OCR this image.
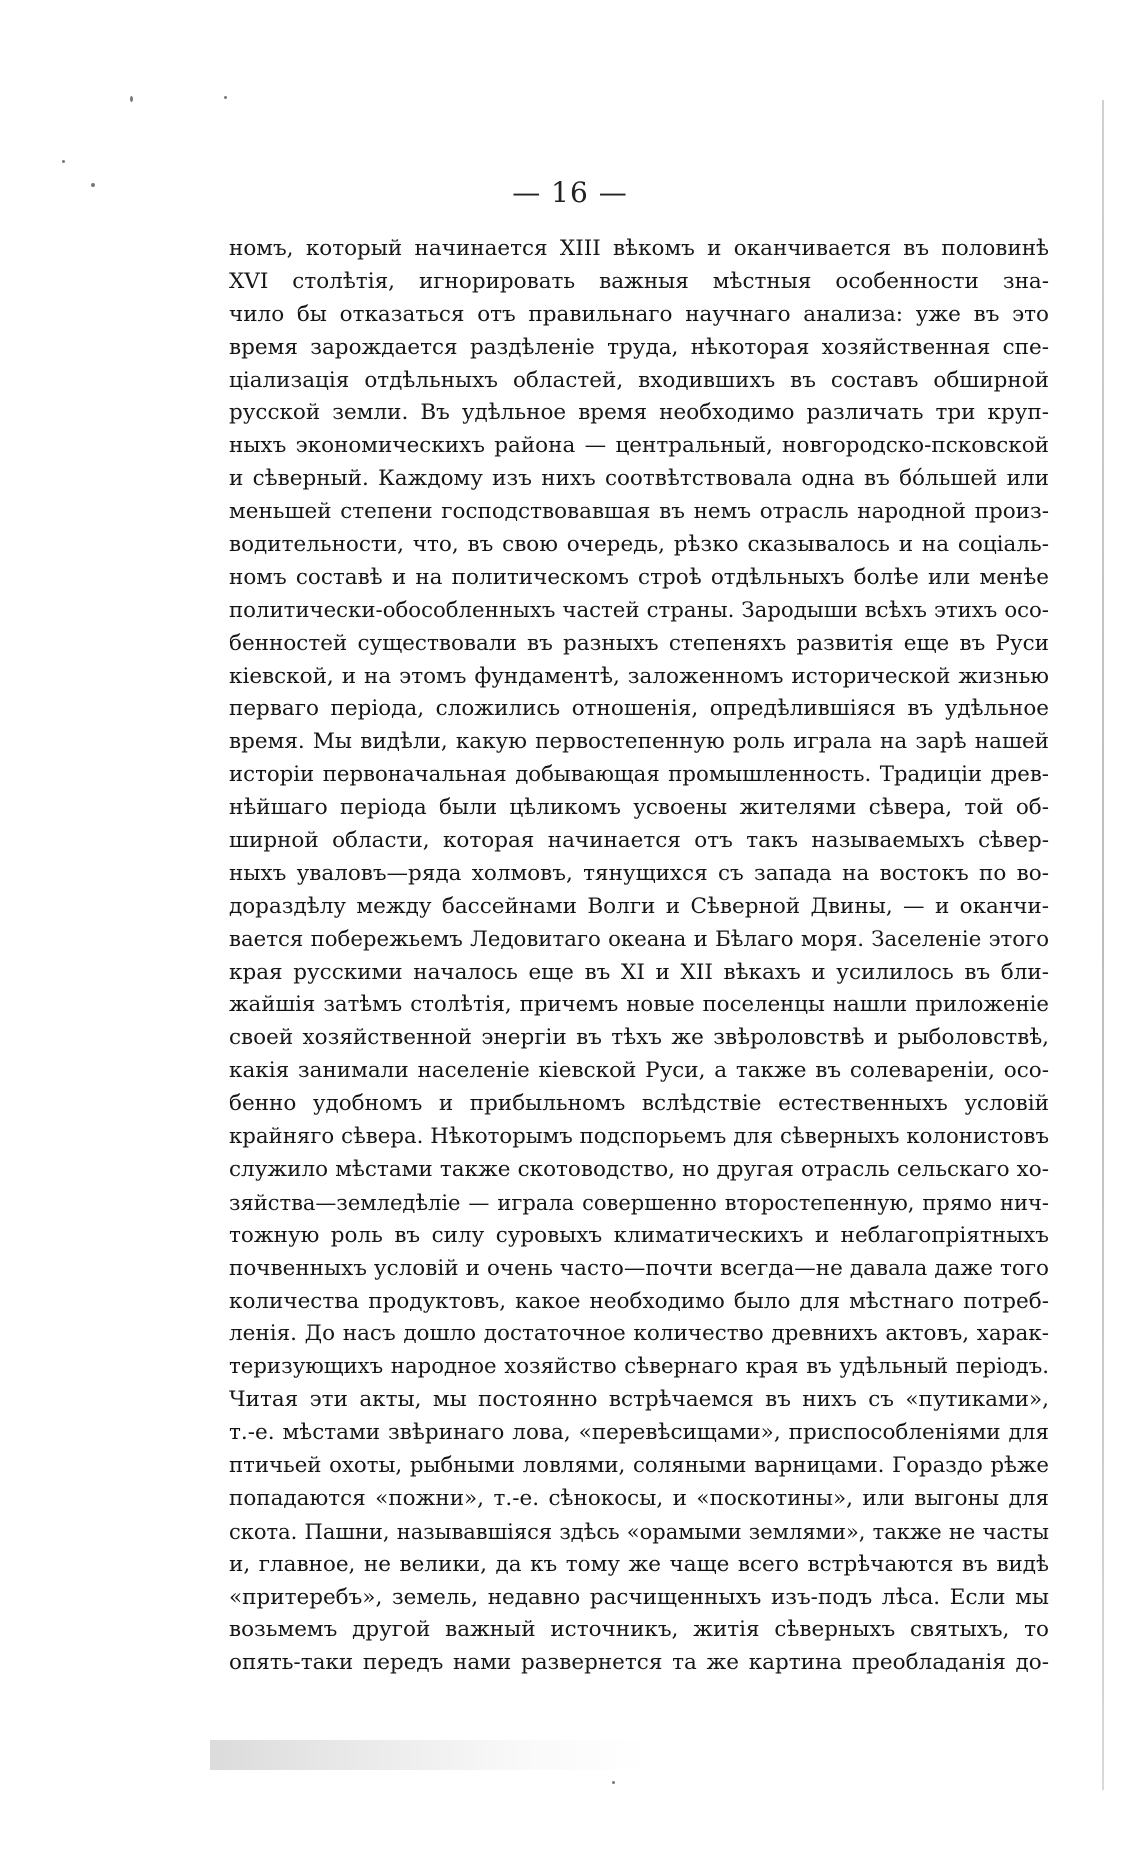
— 16 —
номъ, который начинается XIII вѣкомъ и оканчивается въ половинѣ
XVI столѣтія, игнорировать важныя мѣстныя особенности зна-
чило бы отказаться отъ правильнаго научнаго анализа: уже въ это
время зарождается раздѣленіе труда, нѣкоторая хозяйственная спе-
ціализація отдѣльныхъ областей, входившихъ въ составъ обширной
русской земли. Въ удѣльное время необходимо различать три круп-
ныхъ экономическихъ района — центральный, новгородско-псковской
и сѣверный. Каждому изъ нихъ соотвѣтствовала одна въ бóльшей или
меньшей степени господствовавшая въ немъ отрасль народной произ-
водительности, что, въ свою очередь, рѣзко сказывалось и на соціаль-
номъ составѣ и на политическомъ строѣ отдѣльныхъ болѣе или менѣе
политически-обособленныхъ частей страны. Зародыши всѣхъ этихъ осо-
бенностей существовали въ разныхъ степеняхъ развитія еще въ Руси
кіевской, и на этомъ фундаментѣ, заложенномъ исторической жизнью
перваго періода, сложились отношенія, опредѣлившіяся въ удѣльное
время. Мы видѣли, какую первостепенную роль играла на зарѣ нашей
исторіи первоначальная добывающая промышленность. Традиціи древ-
нѣйшаго періода были цѣликомъ усвоены жителями сѣвера, той об-
ширной области, которая начинается отъ такъ называемыхъ сѣвер-
ныхъ уваловъ—ряда холмовъ, тянущихся съ запада на востокъ по во-
дораздѣлу между бассейнами Волги и Сѣверной Двины, — и оканчи-
вается побережьемъ Ледовитаго океана и Бѣлаго моря. Заселеніе этого
края русскими началось еще въ XI и XII вѣкахъ и усилилось въ бли-
жайшія затѣмъ столѣтія, причемъ новые поселенцы нашли приложеніе
своей хозяйственной энергіи въ тѣхъ же звѣроловствѣ и рыболовствѣ,
какія занимали населеніе кіевской Руси, а также въ солевареніи, осо-
бенно удобномъ и прибыльномъ вслѣдствіе естественныхъ условій
крайняго сѣвера. Нѣкоторымъ подспорьемъ для сѣверныхъ колонистовъ
служило мѣстами также скотоводство, но другая отрасль сельскаго хо-
зяйства—земледѣліе — играла совершенно второстепенную, прямо нич-
тожную роль въ силу суровыхъ климатическихъ и неблагопріятныхъ
почвенныхъ условій и очень часто—почти всегда—не давала даже того
количества продуктовъ, какое необходимо было для мѣстнаго потреб-
ленія. До насъ дошло достаточное количество древнихъ актовъ, харак-
теризующихъ народное хозяйство сѣвернаго края въ удѣльный періодъ.
Читая эти акты, мы постоянно встрѣчаемся въ нихъ съ «путиками»,
т.-е. мѣстами звѣринаго лова, «перевѣсищами», приспособленіями для
птичьей охоты, рыбными ловлями, соляными варницами. Гораздо рѣже
попадаются «пожни», т.-е. сѣнокосы, и «поскотины», или выгоны для
скота. Пашни, называвшіяся здѣсь «орамыми землями», также не часты
и, главное, не велики, да къ тому же чаще всего встрѣчаются въ видѣ
«притеребъ», земель, недавно расчищенныхъ изъ-подъ лѣса. Если мы
возьмемъ другой важный источникъ, житія сѣверныхъ святыхъ, то
опять-таки передъ нами развернется та же картина преобладанія до-
